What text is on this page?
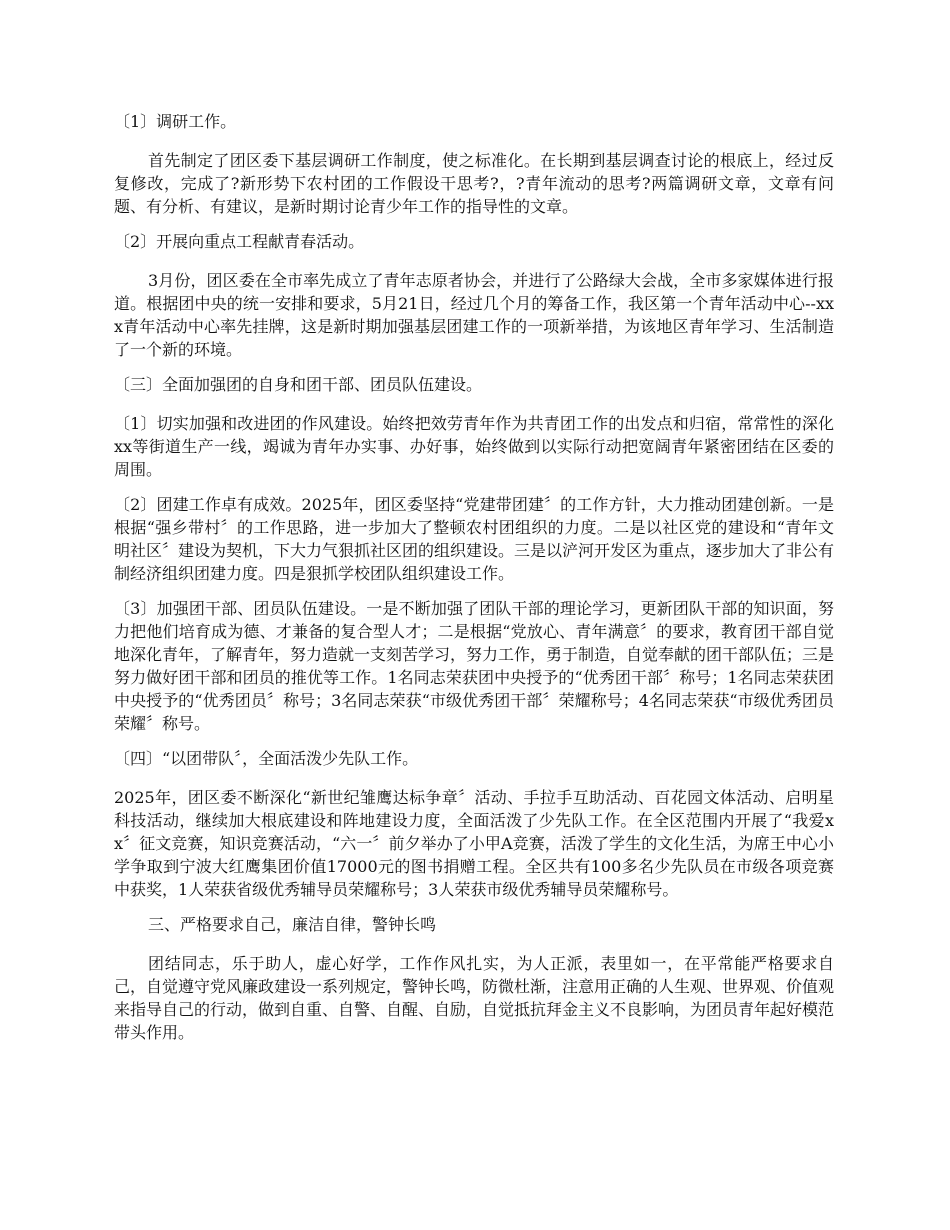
〔1〕调研工作。

首先制定了团区委下基层调研工作制度，使之标准化。在长期到基层调查讨论的根底上，经过反复修改，完成了?新形势下农村团的工作假设干思考?，?青年流动的思考?两篇调研文章，文章有问题、有分析、有建议，是新时期讨论青少年工作的指导性的文章。

〔2〕开展向重点工程献青春活动。

3月份，团区委在全市率先成立了青年志原者协会，并进行了公路绿大会战，全市多家媒体进行报道。根据团中央的统一安排和要求，5月21日，经过几个月的筹备工作，我区第一个青年活动中心--xxx青年活动中心率先挂牌，这是新时期加强基层团建工作的一项新举措，为该地区青年学习、生活制造了一个新的环境。

〔三〕全面加强团的自身和团干部、团员队伍建设。

〔1〕切实加强和改进团的作风建设。始终把效劳青年作为共青团工作的出发点和归宿，常常性的深化xx等街道生产一线，竭诚为青年办实事、办好事，始终做到以实际行动把宽阔青年紧密团结在区委的周围。

〔2〕团建工作卓有成效。2025年，团区委坚持“党建带团建〞的工作方针，大力推动团建创新。一是根据“强乡带村〞的工作思路，进一步加大了整顿农村团组织的力度。二是以社区党的建设和“青年文明社区〞建设为契机，下大力气狠抓社区团的组织建设。三是以浐河开发区为重点，逐步加大了非公有制经济组织团建力度。四是狠抓学校团队组织建设工作。

〔3〕加强团干部、团员队伍建设。一是不断加强了团队干部的理论学习，更新团队干部的知识面，努力把他们培育成为德、才兼备的复合型人才；二是根据“党放心、青年满意〞的要求，教育团干部自觉地深化青年，了解青年，努力造就一支刻苦学习，努力工作，勇于制造，自觉奉献的团干部队伍；三是努力做好团干部和团员的推优等工作。1名同志荣获团中央授予的“优秀团干部〞称号；1名同志荣获团中央授予的“优秀团员〞称号；3名同志荣获“市级优秀团干部〞荣耀称号；4名同志荣获“市级优秀团员荣耀〞称号。

〔四〕“以团带队〞，全面活泼少先队工作。

2025年，团区委不断深化“新世纪雏鹰达标争章〞活动、手拉手互助活动、百花园文体活动、启明星科技活动，继续加大根底建设和阵地建设力度，全面活泼了少先队工作。在全区范围内开展了“我爱xx〞征文竞赛，知识竞赛活动，“六一〞前夕举办了小甲A竞赛，活泼了学生的文化生活，为席王中心小学争取到宁波大红鹰集团价值17000元的图书捐赠工程。全区共有100多名少先队员在市级各项竞赛中获奖，1人荣获省级优秀辅导员荣耀称号；3人荣获市级优秀辅导员荣耀称号。

三、严格要求自己，廉洁自律，警钟长鸣

团结同志，乐于助人，虚心好学，工作作风扎实，为人正派，表里如一，在平常能严格要求自己，自觉遵守党风廉政建设一系列规定，警钟长鸣，防微杜渐，注意用正确的人生观、世界观、价值观来指导自己的行动，做到自重、自警、自醒、自励，自觉抵抗拜金主义不良影响，为团员青年起好模范带头作用。
